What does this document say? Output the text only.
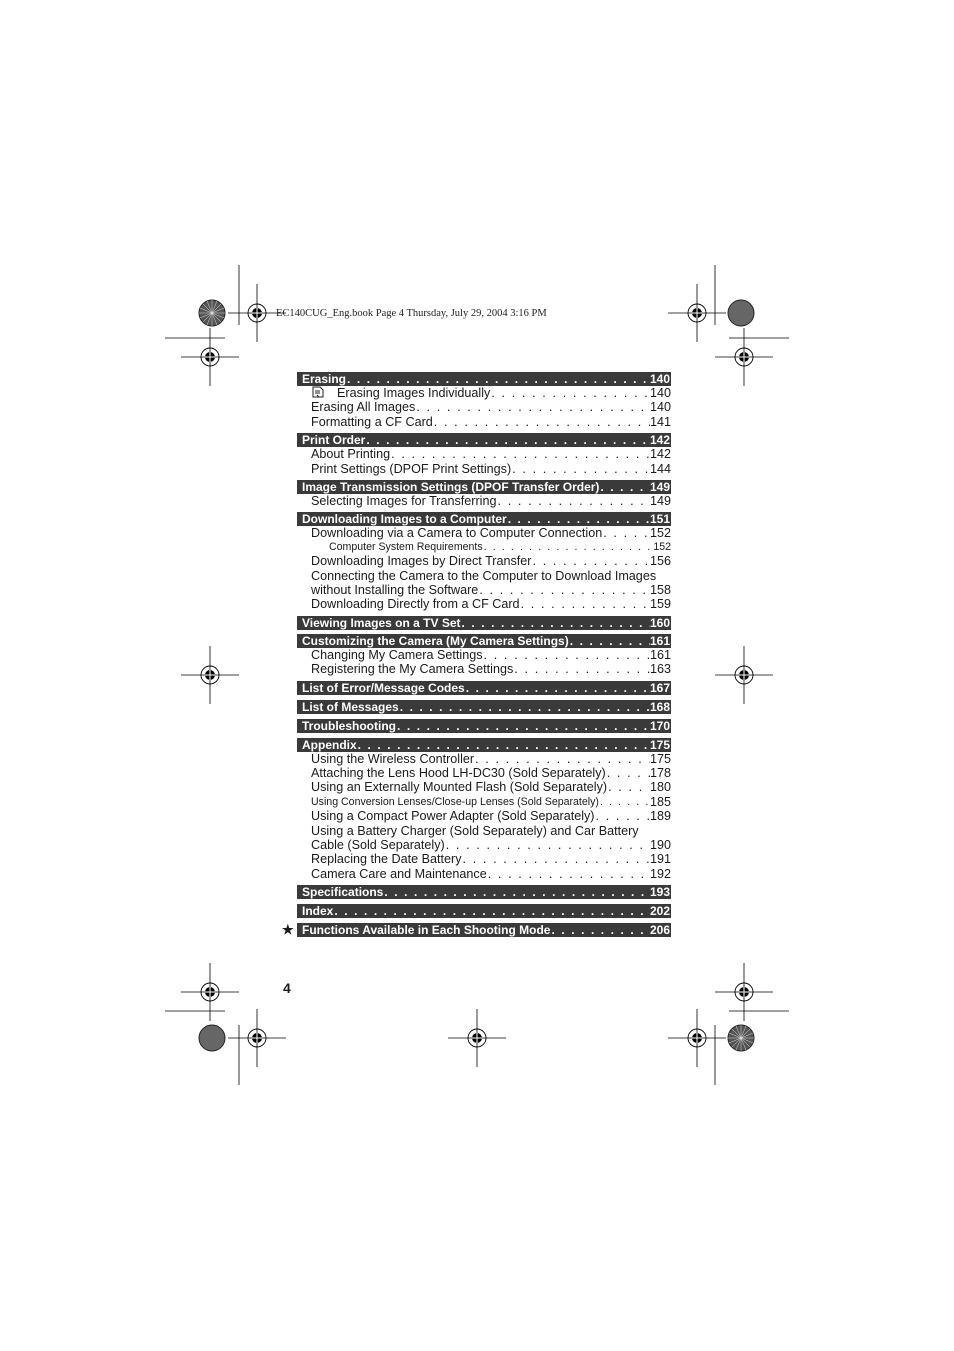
EC140CUG_Eng.book Page 4 Thursday, July 29, 2004 3:16 PM
Erasing . . .	140
Erasing Images Individually . . .	140
Erasing All Images . . .	140
Formatting a CF Card . . .	141
Print Order . . .	142
About Printing . . .	142
Print Settings (DPOF Print Settings) . . .	144
Image Transmission Settings (DPOF Transfer Order) . . .	149
Selecting Images for Transferring . . .	149
Downloading Images to a Computer . . .	151
Downloading via a Camera to Computer Connection . . .	152
Computer System Requirements . . .	152
Downloading Images by Direct Transfer . . .	156
Connecting the Camera to the Computer to Download Images
without Installing the Software . . .	158
Downloading Directly from a CF Card . . .	159
Viewing Images on a TV Set . . .	160
Customizing the Camera (My Camera Settings) . . .	161
Changing My Camera Settings . . .	161
Registering the My Camera Settings . . .	163
List of Error/Message Codes . . .	167
List of Messages . . .	168
Troubleshooting . . .	170
Appendix . . .	175
Using the Wireless Controller . . .	175
Attaching the Lens Hood LH-DC30 (Sold Separately) . . .	178
Using an Externally Mounted Flash (Sold Separately) . . .	180
Using Conversion Lenses/Close-up Lenses (Sold Separately) . . .	185
Using a Compact Power Adapter (Sold Separately) . . .	189
Using a Battery Charger (Sold Separately) and Car Battery
Cable (Sold Separately) . . .	190
Replacing the Date Battery . . .	191
Camera Care and Maintenance . . .	192
Specifications . . .	193
Index . . .	202
★ Functions Available in Each Shooting Mode . . .	206
4
